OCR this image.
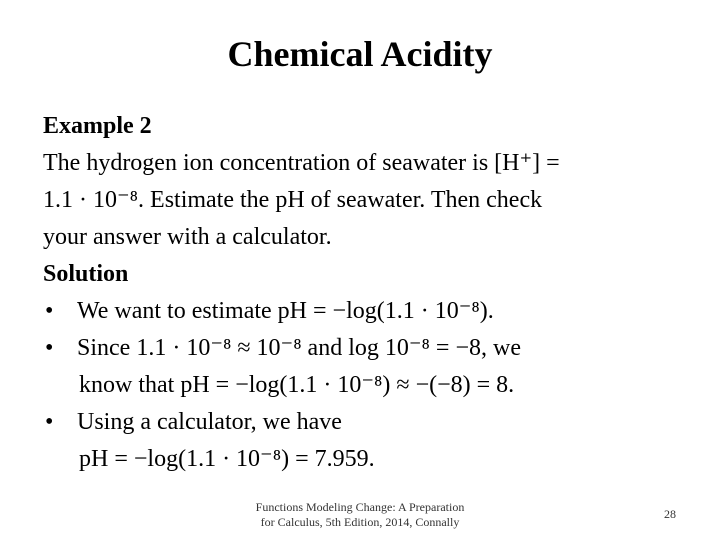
Chemical Acidity
Example 2
The hydrogen ion concentration of seawater is [H⁺] =
1.1 · 10⁻⁸. Estimate the pH of seawater. Then check
your answer with a calculator.
Solution
• We want to estimate pH = −log(1.1 · 10⁻⁸).
• Since 1.1 · 10⁻⁸ ≈ 10⁻⁸ and log 10⁻⁸ = −8, we
know that pH = −log(1.1 · 10⁻⁸) ≈ −(−8) = 8.
• Using a calculator, we have
pH = −log(1.1 · 10⁻⁸) = 7.959.
Functions Modeling Change: A Preparation
for Calculus, 5th Edition, 2014, Connally
28
